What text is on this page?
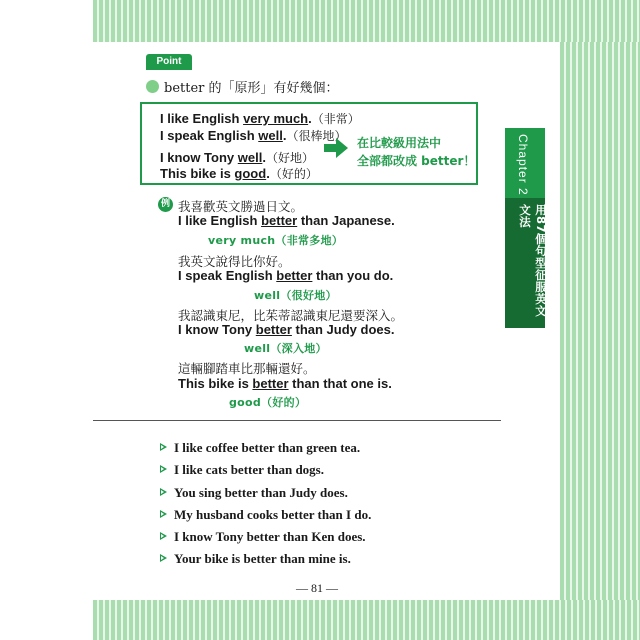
Chapter 2
用87個句型征服英文文法
Point
better 的「原形」有好幾個：
I like English very much.（非常）
I speak English well.（很棒地）
I know Tony well.（好地）
This bike is good.（好的）
在比較級用法中
全部都改成 better！
例 我喜歡英文勝過日文。
I like English better than Japanese.
very much（非常多地）
我英文說得比你好。
I speak English better than you do.
well（很好地）
我認識東尼，比茱蒂認識東尼還要深入。
I know Tony better than Judy does.
well（深入地）
這輛腳踏車比那輛還好。
This bike is better than that one is.
good（好的）
I like coffee better than green tea.
I like cats better than dogs.
You sing better than Judy does.
My husband cooks better than I do.
I know Tony better than Ken does.
Your bike is better than mine is.
— 81 —
